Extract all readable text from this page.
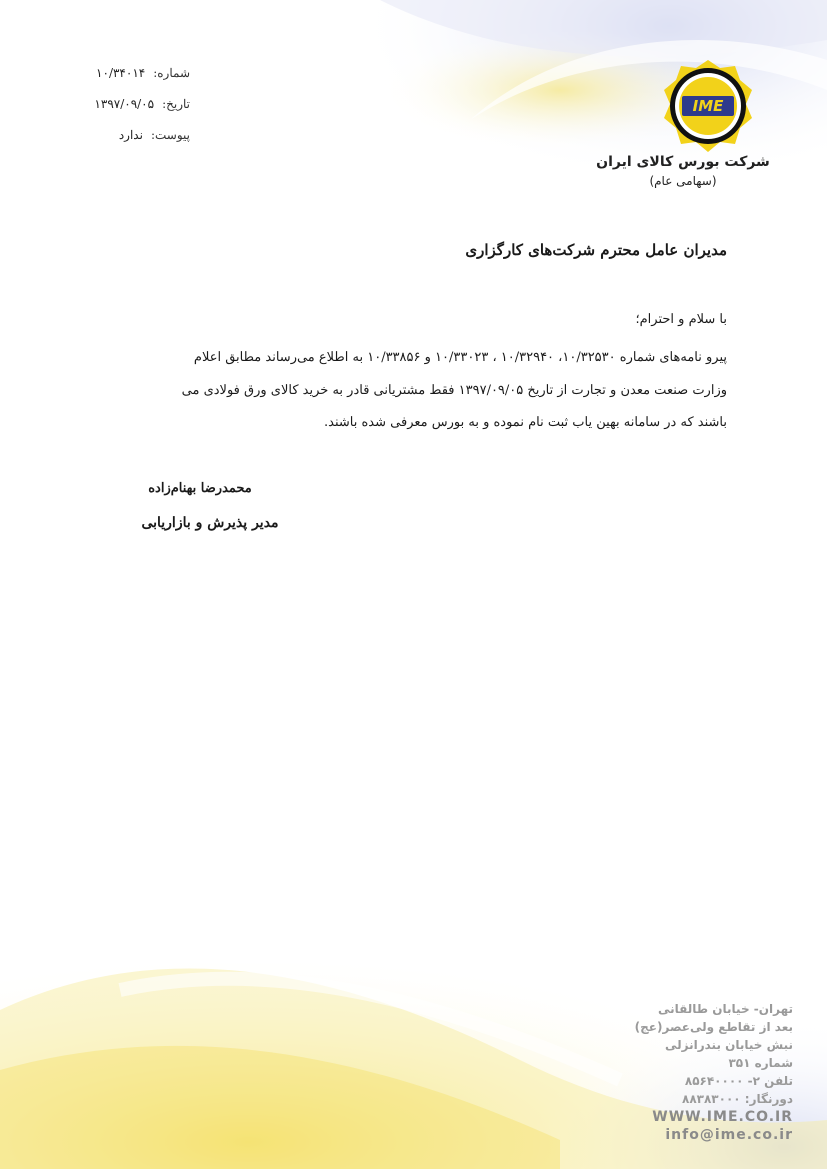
شماره:
۱۰/۳۴۰۱۴
تاریخ:
۱۳۹۷/۰۹/۰۵
پیوست:
ندارد
IME
شرکت بورس کالای ایران
(سهامی عام)
مدیران عامل محترم شرکت‌های کارگزاری
با سلام و احترام؛
پیرو نامه‌های شماره ۱۰/۳۲۵۳۰، ۱۰/۳۲۹۴۰ ، ۱۰/۳۳۰۲۳ و ۱۰/۳۳۸۵۶ به اطلاع می‌رساند مطابق اعلام
وزارت صنعت معدن و تجارت از تاریخ ۱۳۹۷/۰۹/۰۵ فقط مشتریانی قادر به خرید کالای ورق فولادی می
باشند که در سامانه بهین یاب ثبت نام نموده و به بورس معرفی شده باشند.
محمدرضا بهنام‌زاده
مدیر پذیرش و بازاریابی
تهران- خیابان طالقانی
بعد از تقاطع ولی‌عصر(عج)
نبش خیابان بندرانزلی
شماره ۳۵۱
تلفن ۲- ۸۵۶۴۰۰۰۰
دورنگار: ۸۸۳۸۳۰۰۰
WWW.IME.CO.IR
info@ime.co.ir
